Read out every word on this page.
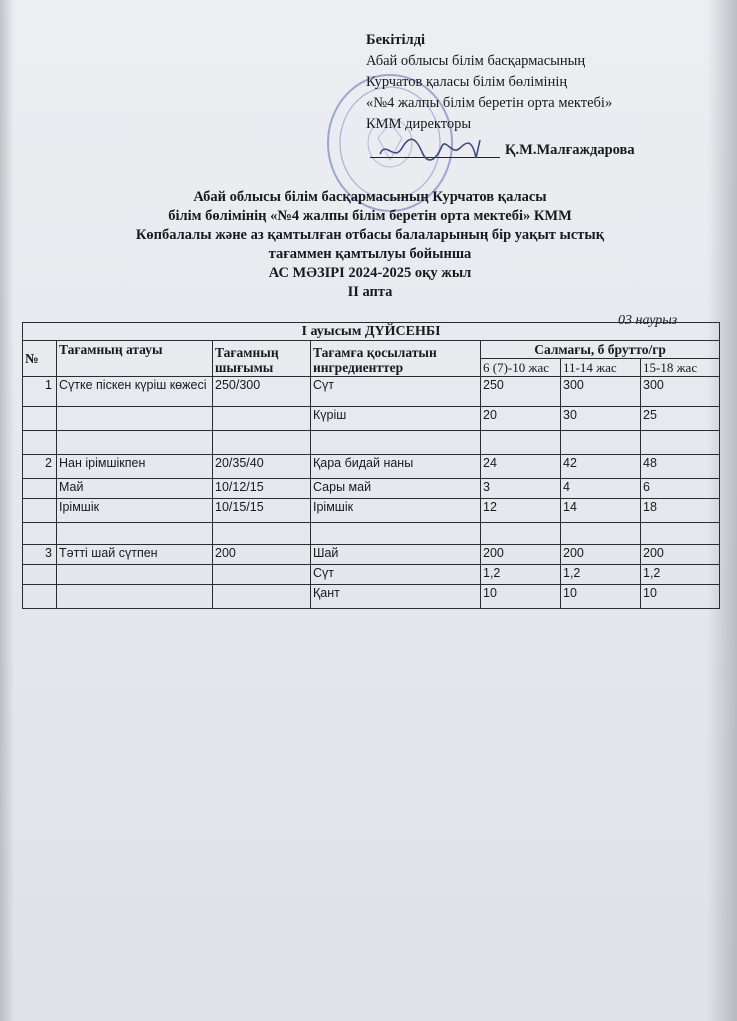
Бекітілді
Абай облысы білім басқармасының
Курчатов қаласы білім бөлімінің
«№4 жалпы білім беретін орта мектебі»
КММ директоры
Қ.М.Малғаждарова
Абай облысы білім басқармасының Курчатов қаласы
білім бөлімінің «№4 жалпы білім беретін орта мектебі» КММ
Көпбалалы және аз қамтылған отбасы балаларының бір уақыт ыстық
тағаммен қамтылуы бойынша
АС МӘЗІРІ 2024-2025 оқу жыл
II апта
03 наурыз
I ауысым ДҮЙСЕНБІ						
№	Тағамның атауы	Тағамның шығымы	Тағамға қосылатын ингредиенттер	Салмағы, б брутто/гр		
				6 (7)-10 жас	11-14 жас	15-18 жас
1	Сүтке піскен күріш көжесі	250/300	Сүт	250	300	300
			Күріш	20	30	25

2	Нан ірімшікпен	20/35/40	Қара бидай наны	24	42	48
	Май	10/12/15	Сары май	3	4	6
	Ірімшік	10/15/15	Ірімшік	12	14	18

3	Тәтті шай сүтпен	200	Шай	200	200	200
			Сүт	1,2	1,2	1,2
			Қант	10	10	10
